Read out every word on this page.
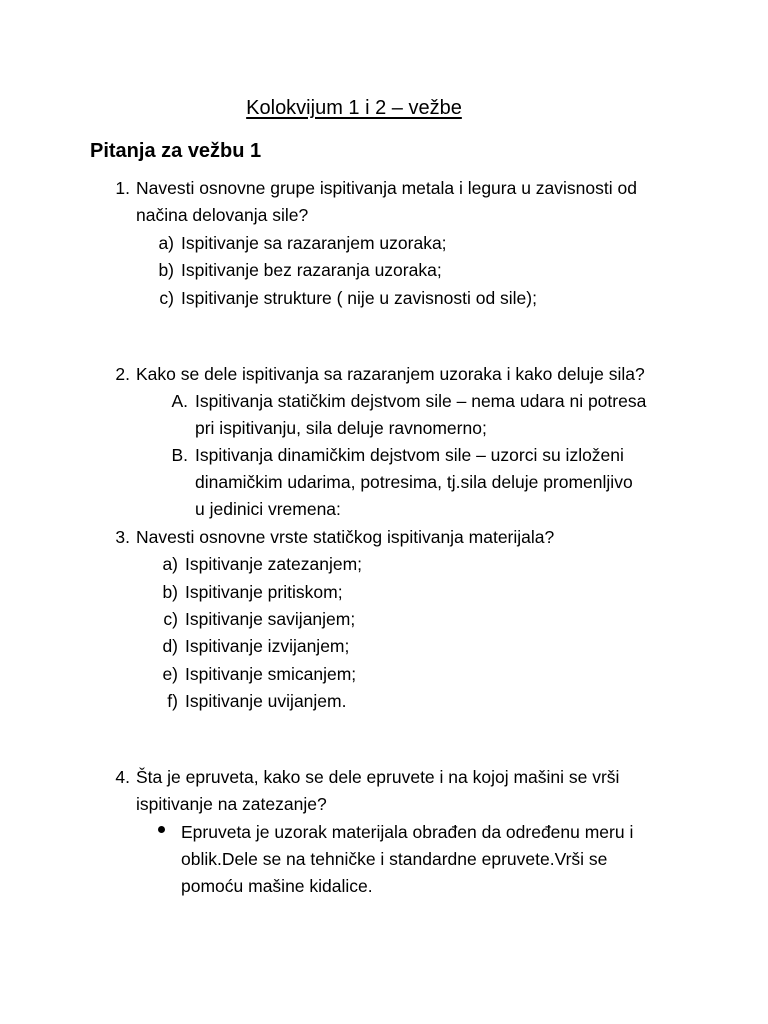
Kolokvijum 1 i 2 – vežbe
Pitanja za vežbu 1
1. Navesti osnovne grupe ispitivanja metala i legura u zavisnosti od
načina delovanja sile?
a) Ispitivanje sa razaranjem uzoraka;
b) Ispitivanje bez razaranja uzoraka;
c) Ispitivanje strukture ( nije u zavisnosti od sile);
2. Kako se dele ispitivanja sa razaranjem uzoraka i kako deluje sila?
A. Ispitivanja statičkim dejstvom sile – nema udara ni potresa
pri ispitivanju, sila deluje ravnomerno;
B. Ispitivanja dinamičkim dejstvom sile – uzorci su izloženi
dinamičkim udarima, potresima, tj.sila deluje promenljivo
u jedinici vremena:
3. Navesti osnovne vrste statičkog ispitivanja materijala?
a) Ispitivanje zatezanjem;
b) Ispitivanje pritiskom;
c) Ispitivanje savijanjem;
d) Ispitivanje izvijanjem;
e) Ispitivanje smicanjem;
f) Ispitivanje uvijanjem.
4. Šta je epruveta, kako se dele epruvete i na kojoj mašini se vrši
ispitivanje na zatezanje?
Epruveta je uzorak materijala obrađen da određenu meru i
oblik.Dele se na tehničke i standardne epruvete.Vrši se
pomoću mašine kidalice.
